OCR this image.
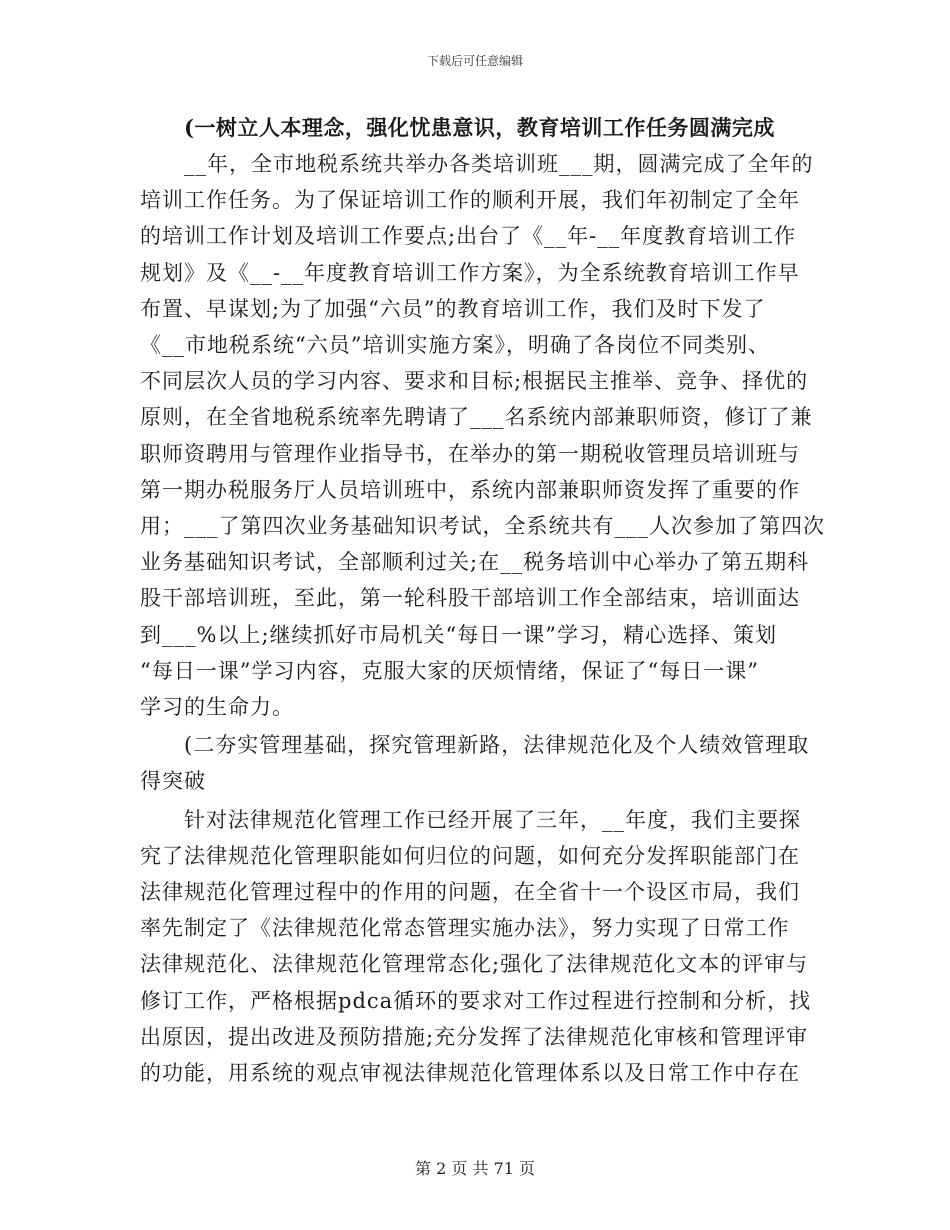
下载后可任意编辑

(一树立人本理念，强化忧患意识，教育培训工作任务圆满完成

__年，全市地税系统共举办各类培训班___期，圆满完成了全年的
培训工作任务。为了保证培训工作的顺利开展，我们年初制定了全年
的培训工作计划及培训工作要点;出台了《__年-__年度教育培训工作
规划》及《__-__年度教育培训工作方案》，为全系统教育培训工作早
布置、早谋划;为了加强“六员”的教育培训工作，我们及时下发了
《__市地税系统“六员”培训实施方案》，明确了各岗位不同类别、
不同层次人员的学习内容、要求和目标;根据民主推举、竞争、择优的
原则，在全省地税系统率先聘请了___名系统内部兼职师资，修订了兼
职师资聘用与管理作业指导书，在举办的第一期税收管理员培训班与
第一期办税服务厅人员培训班中，系统内部兼职师资发挥了重要的作
用；___了第四次业务基础知识考试，全系统共有___人次参加了第四次
业务基础知识考试，全部顺利过关;在__税务培训中心举办了第五期科
股干部培训班，至此，第一轮科股干部培训工作全部结束，培训面达
到___%以上;继续抓好市局机关“每日一课”学习，精心选择、策划
“每日一课”学习内容，克服大家的厌烦情绪，保证了“每日一课”
学习的生命力。

(二夯实管理基础，探究管理新路，法律规范化及个人绩效管理取
得突破

针对法律规范化管理工作已经开展了三年，__年度，我们主要探
究了法律规范化管理职能如何归位的问题，如何充分发挥职能部门在
法律规范化管理过程中的作用的问题，在全省十一个设区市局，我们
率先制定了《法律规范化常态管理实施办法》，努力实现了日常工作
法律规范化、法律规范化管理常态化;强化了法律规范化文本的评审与
修订工作，严格根据pdca循环的要求对工作过程进行控制和分析，找
出原因，提出改进及预防措施;充分发挥了法律规范化审核和管理评审
的功能，用系统的观点审视法律规范化管理体系以及日常工作中存在

第 2 页 共 71 页
